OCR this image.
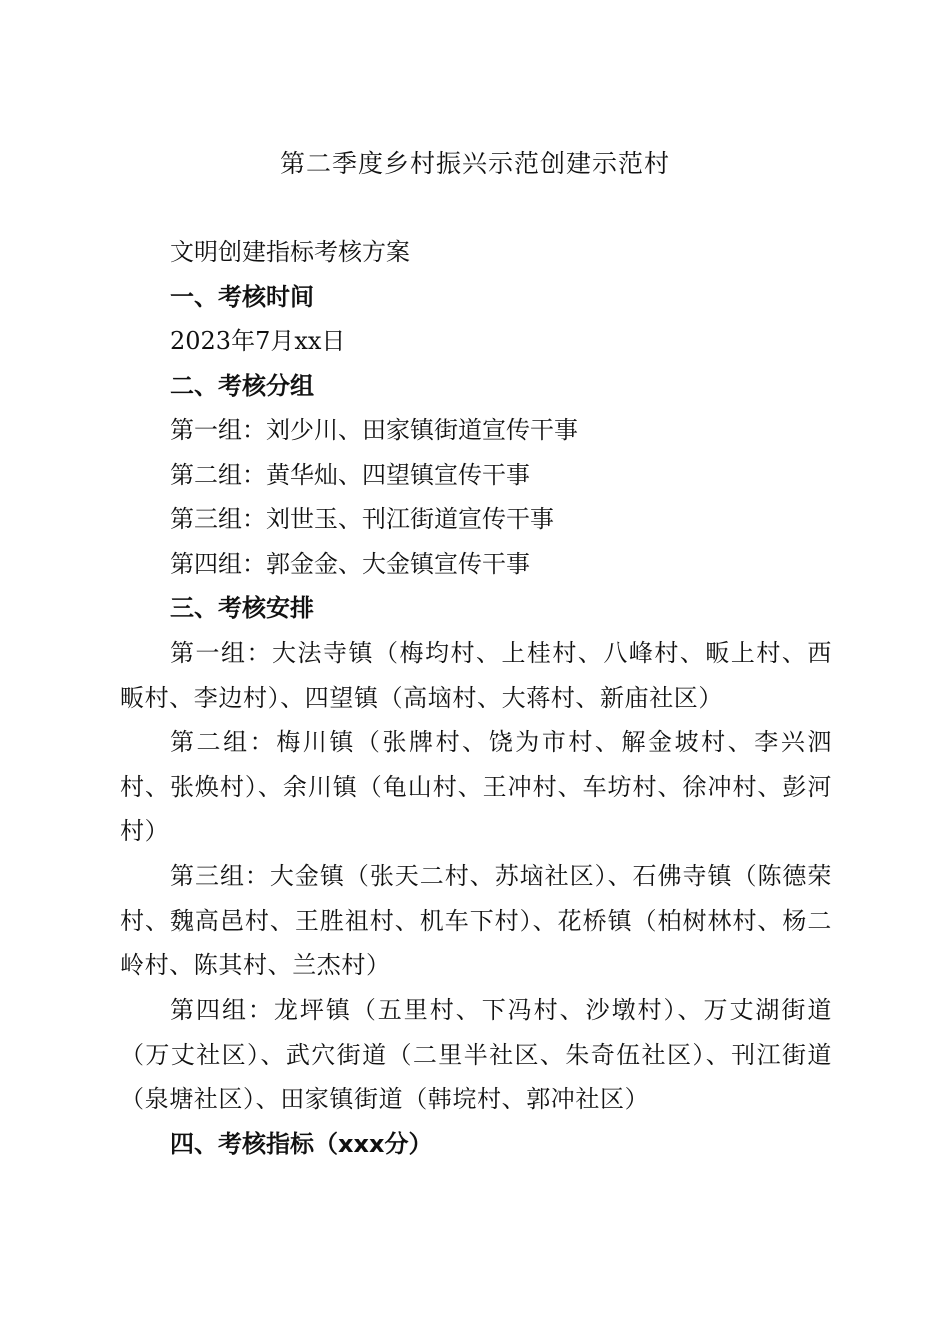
第二季度乡村振兴示范创建示范村
文明创建指标考核方案
一、考核时间
2023年7月xx日
二、考核分组
第一组：刘少川、田家镇街道宣传干事
第二组：黄华灿、四望镇宣传干事
第三组：刘世玉、刊江街道宣传干事
第四组：郭金金、大金镇宣传干事
三、考核安排
第一组：大法寺镇（梅均村、上桂村、八峰村、畈上村、西畈村、李边村）、四望镇（高垴村、大蒋村、新庙社区）
第二组：梅川镇（张牌村、饶为市村、解金坡村、李兴泗村、张焕村）、余川镇（龟山村、王冲村、车坊村、徐冲村、彭河村）
第三组：大金镇（张天二村、苏垴社区）、石佛寺镇（陈德荣村、魏高邑村、王胜祖村、机车下村）、花桥镇（柏树林村、杨二岭村、陈其村、兰杰村）
第四组：龙坪镇（五里村、下冯村、沙墩村）、万丈湖街道（万丈社区）、武穴街道（二里半社区、朱奇伍社区）、刊江街道（泉塘社区）、田家镇街道（韩垸村、郭冲社区）
四、考核指标（xxx分）
